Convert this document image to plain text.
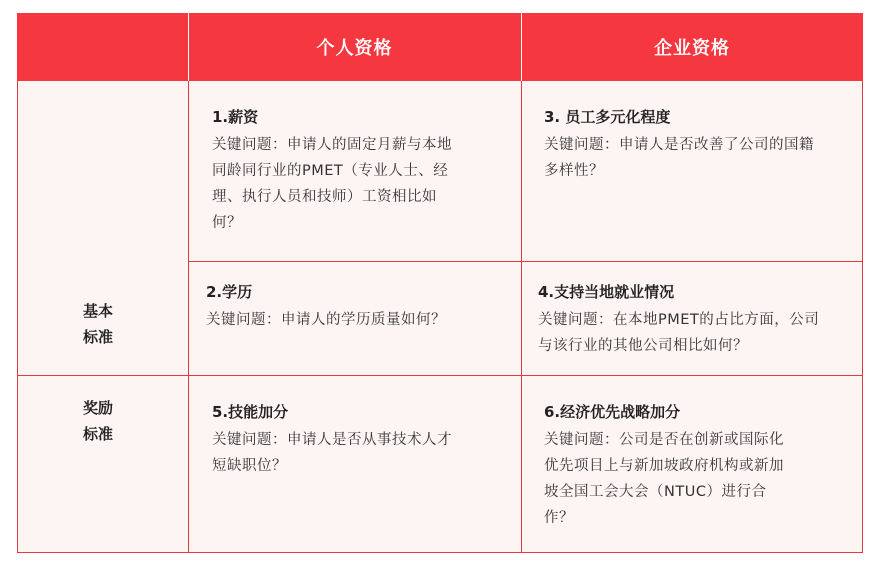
个人资格	企业资格
基本
标准
奖励
标准

1.薪资

关键问题：申请人的固定月薪与本地

同龄同行业的PMET（专业人士、经

理、执行人员和技师）工资相比如

何？

3. 员工多元化程度

关键问题：申请人是否改善了公司的国籍

多样性？

2.学历

关键问题：申请人的学历质量如何？

4.支持当地就业情况

关键问题：在本地PMET的占比方面，公司

与该行业的其他公司相比如何？

5.技能加分

关键问题：申请人是否从事技术人才

短缺职位？

6.经济优先战略加分

关键问题：公司是否在创新或国际化

优先项目上与新加坡政府机构或新加

坡全国工会大会（NTUC）进行合

作？
